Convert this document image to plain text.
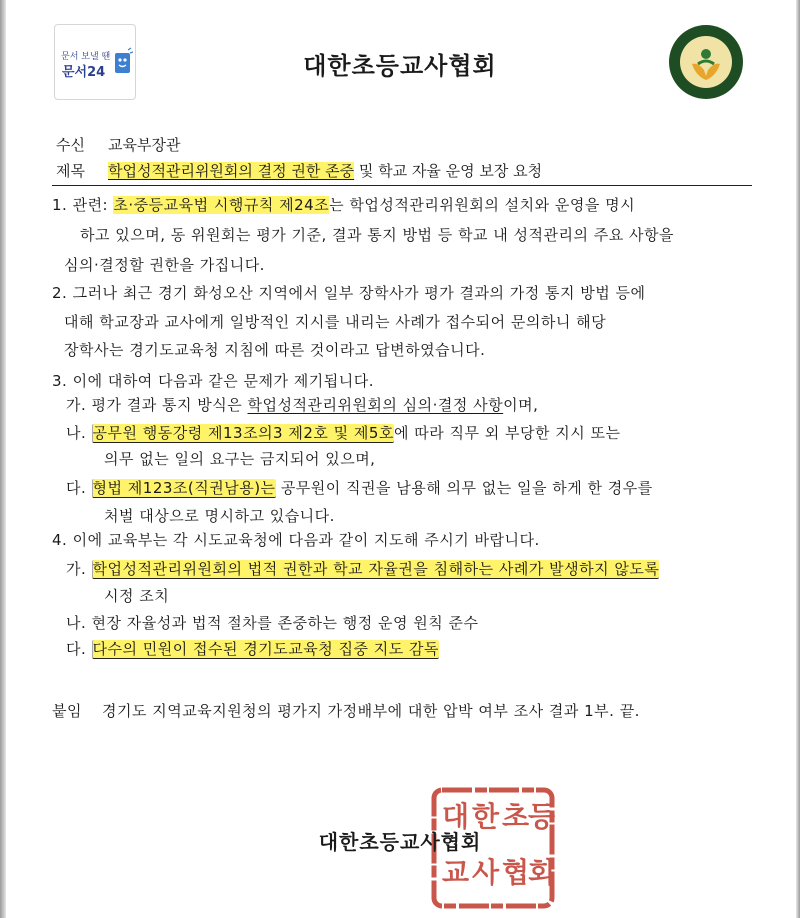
문서 보낼 땐
문서24	대한초등교사협회
수신 교육부장관
제목 학업성적관리위원회의 결정 권한 존중 및 학교 자율 운영 보장 요청
1. 관련: 초·중등교육법 시행규칙 제24조는 학업성적관리위원회의 설치와 운영을 명시
하고 있으며, 동 위원회는 평가 기준, 결과 통지 방법 등 학교 내 성적관리의 주요 사항을
심의·결정할 권한을 가집니다.
2. 그러나 최근 경기 화성오산 지역에서 일부 장학사가 평가 결과의 가정 통지 방법 등에
대해 학교장과 교사에게 일방적인 지시를 내리는 사례가 접수되어 문의하니 해당
장학사는 경기도교육청 지침에 따른 것이라고 답변하였습니다.
3. 이에 대하여 다음과 같은 문제가 제기됩니다.
가. 평가 결과 통지 방식은 학업성적관리위원회의 심의·결정 사항이며,
나. 공무원 행동강령 제13조의3 제2호 및 제5호에 따라 직무 외 부당한 지시 또는
의무 없는 일의 요구는 금지되어 있으며,
다. 형법 제123조(직권남용)는 공무원이 직권을 남용해 의무 없는 일을 하게 한 경우를
처벌 대상으로 명시하고 있습니다.
4. 이에 교육부는 각 시도교육청에 다음과 같이 지도해 주시기 바랍니다.
가. 학업성적관리위원회의 법적 권한과 학교 자율권을 침해하는 사례가 발생하지 않도록
시정 조치
나. 현장 자율성과 법적 절차를 존중하는 행정 운영 원칙 준수
다. 다수의 민원이 접수된 경기도교육청 집중 지도 감독
붙임 경기도 지역교육지원청의 평가지 가정배부에 대한 압박 여부 조사 결과 1부. 끝.
대 한 초등 교 사 협회
대한초등교사협회
